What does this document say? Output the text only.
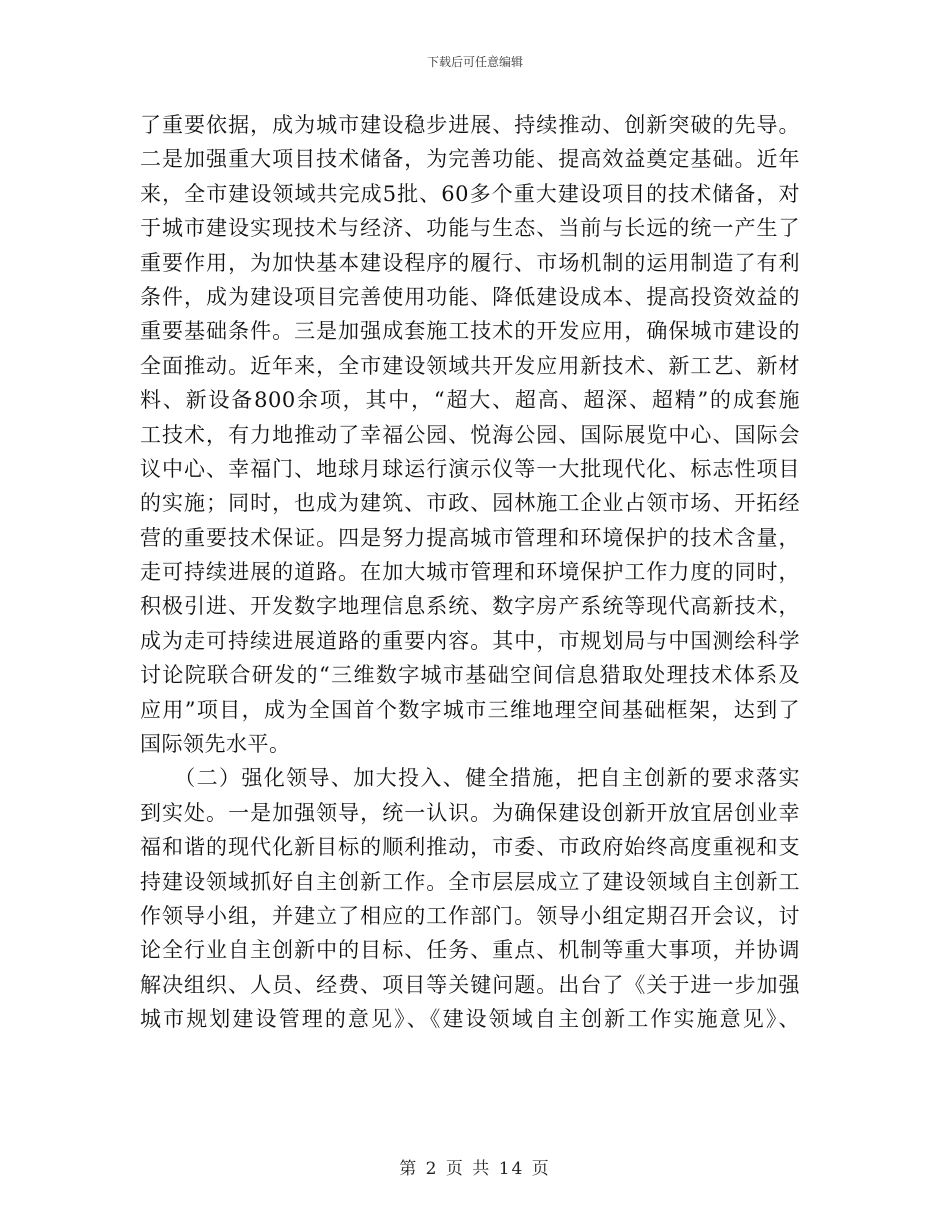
下载后可任意编辑
了重要依据，成为城市建设稳步进展、持续推动、创新突破的先导。
二是加强重大项目技术储备，为完善功能、提高效益奠定基础。近年
来，全市建设领域共完成5批、60多个重大建设项目的技术储备，对
于城市建设实现技术与经济、功能与生态、当前与长远的统一产生了
重要作用，为加快基本建设程序的履行、市场机制的运用制造了有利
条件，成为建设项目完善使用功能、降低建设成本、提高投资效益的
重要基础条件。三是加强成套施工技术的开发应用，确保城市建设的
全面推动。近年来，全市建设领域共开发应用新技术、新工艺、新材
料、新设备800余项，其中，“超大、超高、超深、超精”的成套施
工技术，有力地推动了幸福公园、悦海公园、国际展览中心、国际会
议中心、幸福门、地球月球运行演示仪等一大批现代化、标志性项目
的实施；同时，也成为建筑、市政、园林施工企业占领市场、开拓经
营的重要技术保证。四是努力提高城市管理和环境保护的技术含量，
走可持续进展的道路。在加大城市管理和环境保护工作力度的同时，
积极引进、开发数字地理信息系统、数字房产系统等现代高新技术，
成为走可持续进展道路的重要内容。其中，市规划局与中国测绘科学
讨论院联合研发的“三维数字城市基础空间信息猎取处理技术体系及
应用”项目，成为全国首个数字城市三维地理空间基础框架，达到了
国际领先水平。
　　（二）强化领导、加大投入、健全措施，把自主创新的要求落实
到实处。一是加强领导，统一认识。为确保建设创新开放宜居创业幸
福和谐的现代化新目标的顺利推动，市委、市政府始终高度重视和支
持建设领域抓好自主创新工作。全市层层成立了建设领域自主创新工
作领导小组，并建立了相应的工作部门。领导小组定期召开会议，讨
论全行业自主创新中的目标、任务、重点、机制等重大事项，并协调
解决组织、人员、经费、项目等关键问题。出台了《关于进一步加强
城市规划建设管理的意见》、《建设领域自主创新工作实施意见》、
第 2 页 共 14 页
